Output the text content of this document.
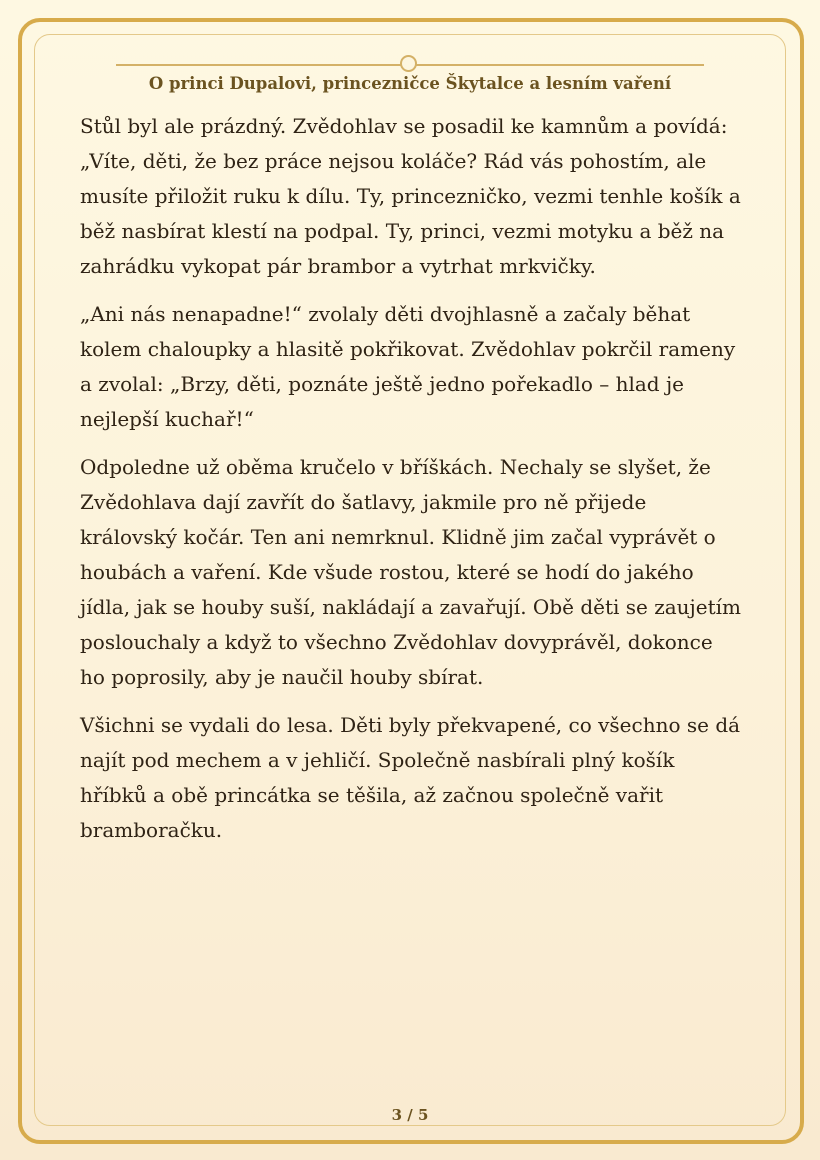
O princi Dupalovi, princezničce Škytalce a lesním vaření

Stůl byl ale prázdný. Zvědohlav se posadil ke kamnům a povídá: „Víte, děti, že bez práce nejsou koláče? Rád vás pohostím, ale musíte přiložit ruku k dílu. Ty, princezničko, vezmi tenhle košík a běž nasbírat klestí na podpal. Ty, princi, vezmi motyku a běž na zahrádku vykopat pár brambor a vytrhat mrkvičky.

„Ani nás nenapadne!“ zvolaly děti dvojhlasně a začaly běhat kolem chaloupky a hlasitě pokřikovat. Zvědohlav pokrčil rameny a zvolal: „Brzy, děti, poznáte ještě jedno pořekadlo – hlad je nejlepší kuchař!“

Odpoledne už oběma kručelo v bříškách. Nechaly se slyšet, že Zvědohlava dají zavřít do šatlavy, jakmile pro ně přijede královský kočár. Ten ani nemrknul. Klidně jim začal vyprávět o houbách a vaření. Kde všude rostou, které se hodí do jakého jídla, jak se houby suší, nakládají a zavařují. Obě děti se zaujetím poslouchaly a když to všechno Zvědohlav dovyprávěl, dokonce ho poprosily, aby je naučil houby sbírat.

Všichni se vydali do lesa. Děti byly překvapené, co všechno se dá najít pod mechem a v jehličí. Společně nasbírali plný košík hříbků a obě princátka se těšila, až začnou společně vařit bramboračku.

3 / 5
